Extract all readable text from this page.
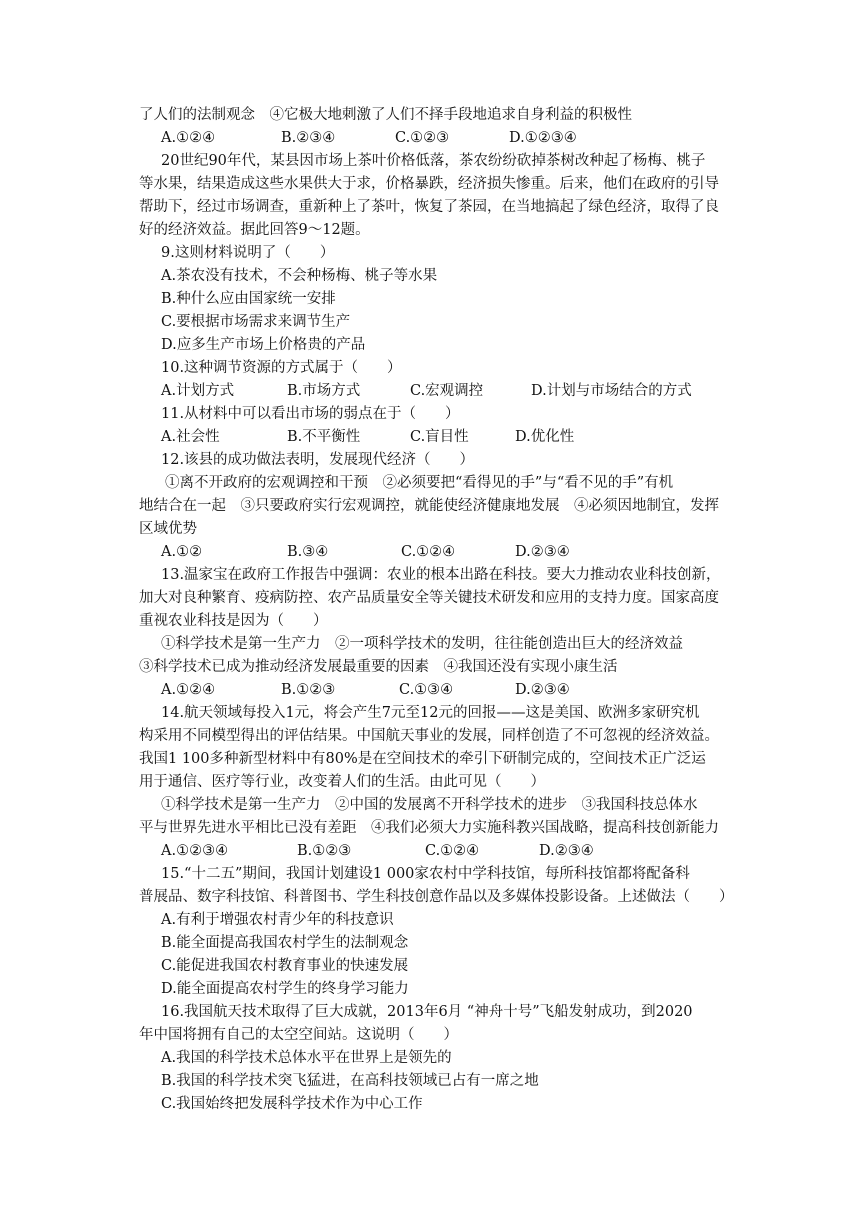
了人们的法制观念　④它极大地刺激了人们不择手段地追求自身利益的积极性
A.①②④	B.②③④	C.①②③	D.①②③④
20世纪90年代，某县因市场上茶叶价格低落，茶农纷纷砍掉茶树改种起了杨梅、桃子
等水果，结果造成这些水果供大于求，价格暴跌，经济损失惨重。后来，他们在政府的引导
帮助下，经过市场调查，重新种上了茶叶，恢复了茶园，在当地搞起了绿色经济，取得了良
好的经济效益。据此回答9～12题。
9.这则材料说明了（　　）
A.茶农没有技术，不会种杨梅、桃子等水果
B.种什么应由国家统一安排
C.要根据市场需求来调节生产
D.应多生产市场上价格贵的产品
10.这种调节资源的方式属于（　　）
A.计划方式	B.市场方式	C.宏观调控	D.计划与市场结合的方式
11.从材料中可以看出市场的弱点在于（　　）
A.社会性	B.不平衡性	C.盲目性	D.优化性
12.该县的成功做法表明，发展现代经济（　　）
①离不开政府的宏观调控和干预　②必须要把“看得见的手”与“看不见的手”有机
地结合在一起　③只要政府实行宏观调控，就能使经济健康地发展　④必须因地制宜，发挥
区域优势
A.①②	B.③④	C.①②④	D.②③④
13.温家宝在政府工作报告中强调：农业的根本出路在科技。要大力推动农业科技创新，
加大对良种繁育、疫病防控、农产品质量安全等关键技术研发和应用的支持力度。国家高度
重视农业科技是因为（　　）
①科学技术是第一生产力　②一项科学技术的发明，往往能创造出巨大的经济效益
③科学技术已成为推动经济发展最重要的因素　④我国还没有实现小康生活
A.①②④	B.①②③	C.①③④	D.②③④
14.航天领域每投入1元，将会产生7元至12元的回报——这是美国、欧洲多家研究机
构采用不同模型得出的评估结果。中国航天事业的发展，同样创造了不可忽视的经济效益。
我国1 100多种新型材料中有80%是在空间技术的牵引下研制完成的，空间技术正广泛运
用于通信、医疗等行业，改变着人们的生活。由此可见（　　）
①科学技术是第一生产力　②中国的发展离不开科学技术的进步　③我国科技总体水
平与世界先进水平相比已没有差距　④我们必须大力实施科教兴国战略，提高科技创新能力
A.①②③④	B.①②③	C.①②④	D.②③④
15.“十二五”期间，我国计划建设1 000家农村中学科技馆，每所科技馆都将配备科
普展品、数字科技馆、科普图书、学生科技创意作品以及多媒体投影设备。上述做法（　　）
A.有利于增强农村青少年的科技意识
B.能全面提高我国农村学生的法制观念
C.能促进我国农村教育事业的快速发展
D.能全面提高农村学生的终身学习能力
16.我国航天技术取得了巨大成就，2013年6月 “神舟十号”飞船发射成功，到2020
年中国将拥有自己的太空空间站。这说明（　　）
A.我国的科学技术总体水平在世界上是领先的
B.我国的科学技术突飞猛进，在高科技领域已占有一席之地
C.我国始终把发展科学技术作为中心工作
